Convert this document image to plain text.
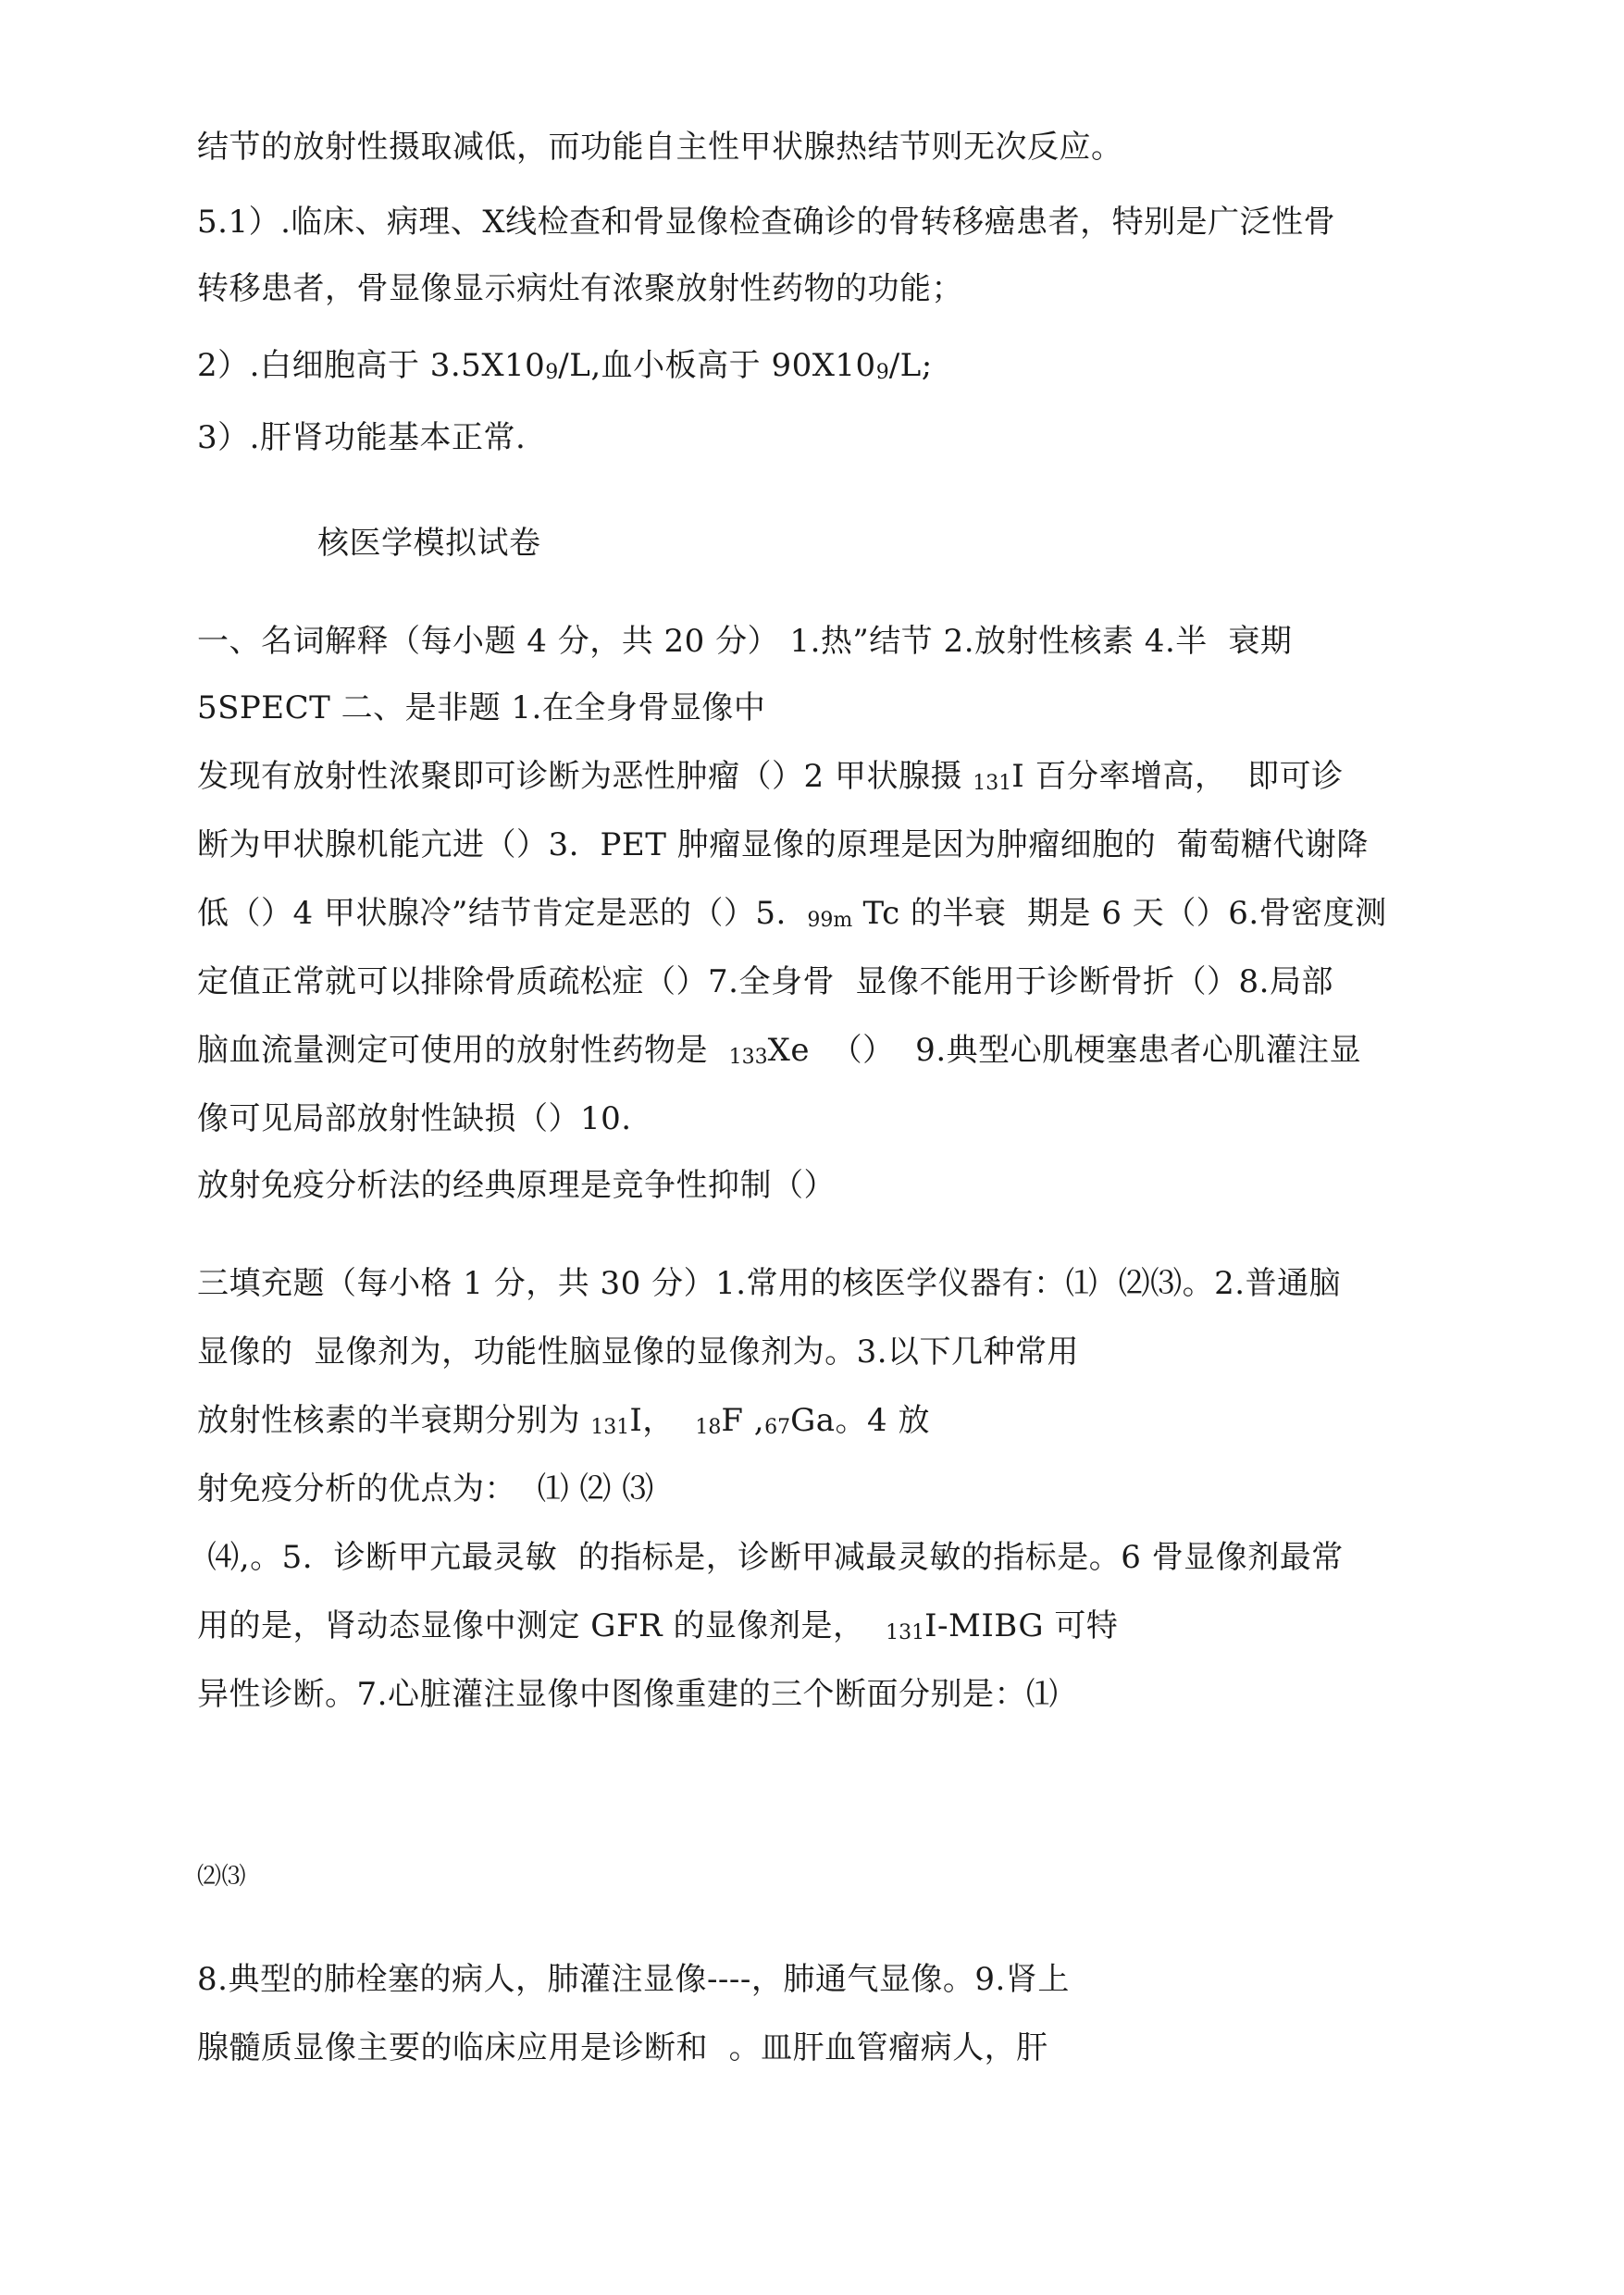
结节的放射性摄取减低，而功能自主性甲状腺热结节则无次反应。
5.1）.临床、病理、X线检查和骨显像检查确诊的骨转移癌患者，特别是广泛性骨
转移患者，骨显像显示病灶有浓聚放射性药物的功能；
2）.白细胞高于 3.5X109/L,血小板高于 90X109/L;
3）.肝肾功能基本正常.
核医学模拟试卷
一、名词解释（每小题 4 分，共 20 分） 1.热”结节 2.放射性核素 4.半  衰期
5SPECT 二、是非题 1.在全身骨显像中
发现有放射性浓聚即可诊断为恶性肿瘤（）2 甲状腺摄 131I 百分率增高，  即可诊
断为甲状腺机能亢进（）3.  PET 肿瘤显像的原理是因为肿瘤细胞的  葡萄糖代谢降
低（）4 甲状腺冷”结节肯定是恶的（）5.  99m Tc 的半衰  期是 6 天（）6.骨密度测
定值正常就可以排除骨质疏松症（）7.全身骨  显像不能用于诊断骨折（）8.局部
脑血流量测定可使用的放射性药物是  133Xe  （）  9.典型心肌梗塞患者心肌灌注显
像可见局部放射性缺损（）10.
放射免疫分析法的经典原理是竞争性抑制（）
三填充题（每小格 1 分，共 30 分）1.常用的核医学仪器有：⑴  ⑵⑶。2.普通脑
显像的  显像剂为，功能性脑显像的显像剂为。3.以下几种常用
放射性核素的半衰期分别为 131I，  18F ,67Ga。4 放
射免疫分析的优点为：  ⑴ ⑵ ⑶
⑷,。5.  诊断甲亢最灵敏  的指标是，诊断甲减最灵敏的指标是。6 骨显像剂最常
用的是，肾动态显像中测定 GFR 的显像剂是，  131I-MIBG 可特
异性诊断。7.心脏灌注显像中图像重建的三个断面分别是：⑴
⑵⑶
8.典型的肺栓塞的病人，肺灌注显像----，肺通气显像。9.肾上
腺髓质显像主要的临床应用是诊断和  。皿肝血管瘤病人，肝
